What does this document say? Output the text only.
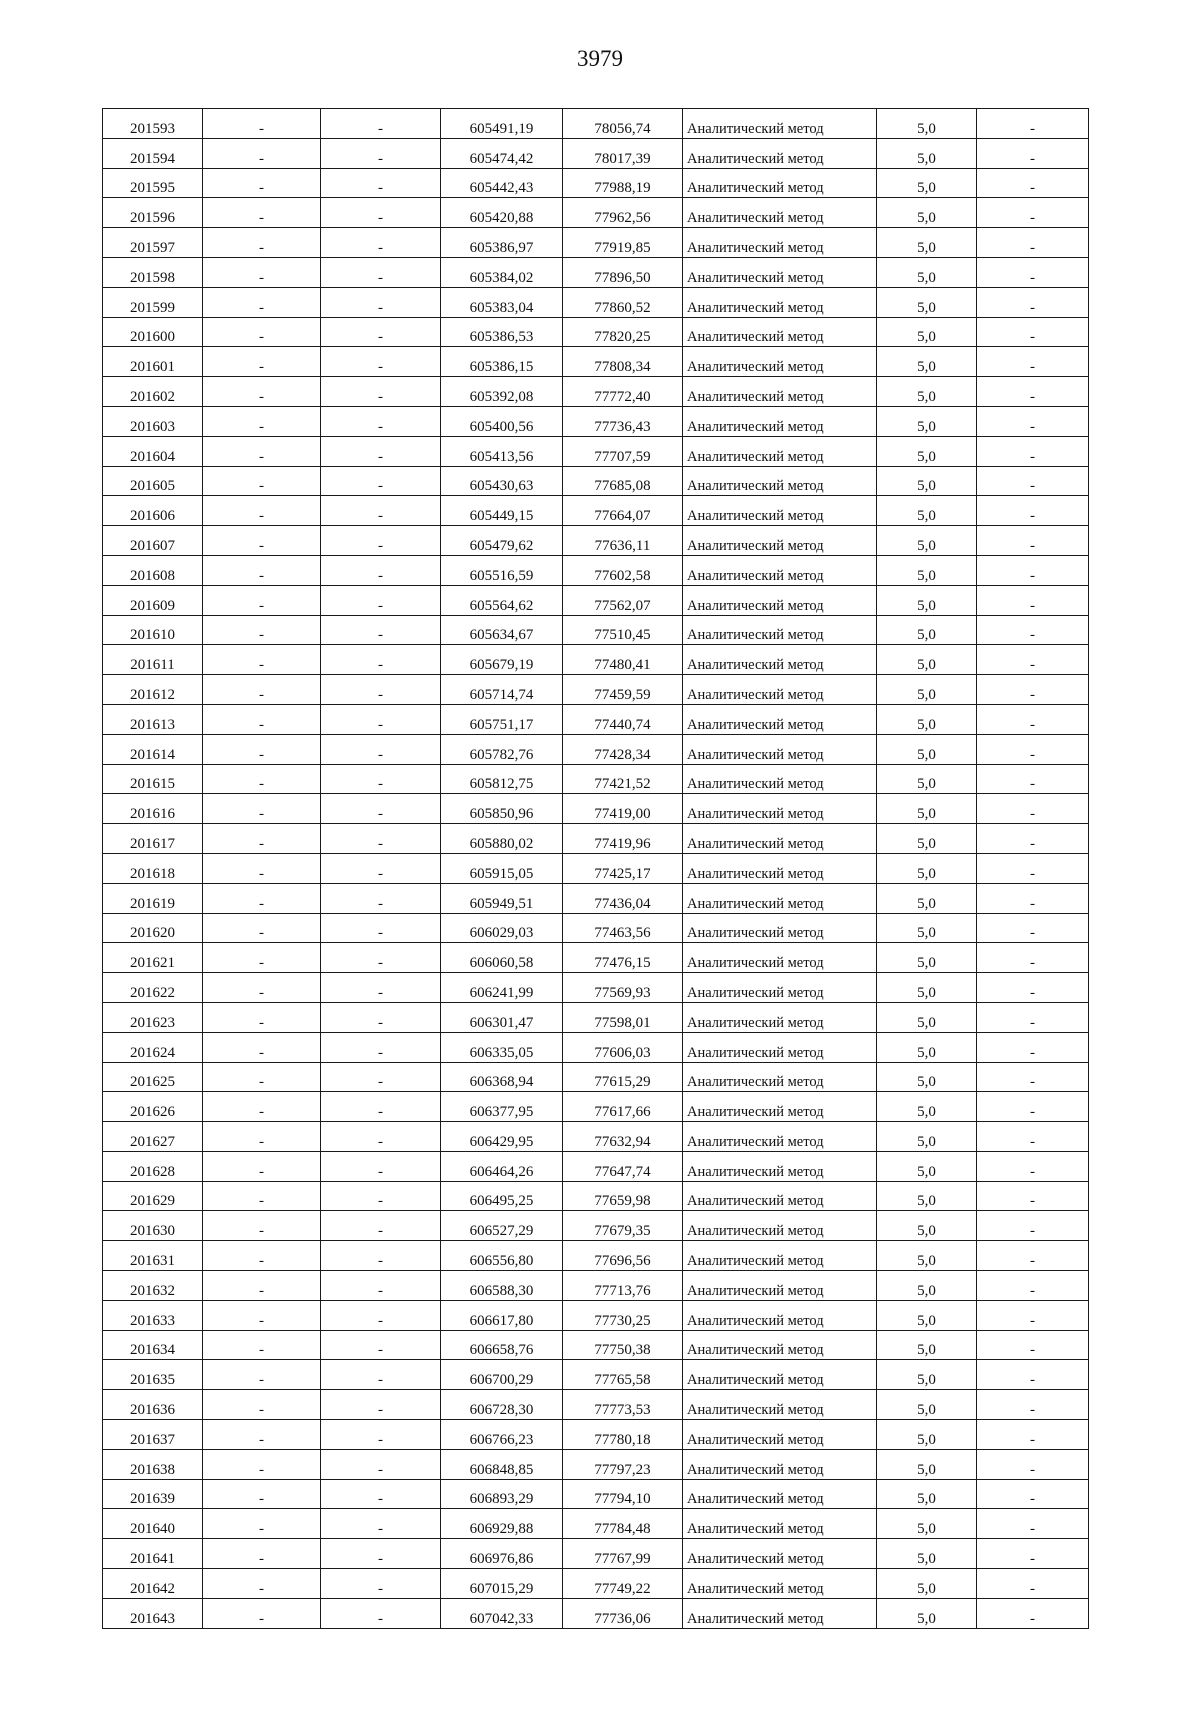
3979
201593	-	-	605491,19	78056,74	Аналитический метод	5,0	-
201594	-	-	605474,42	78017,39	Аналитический метод	5,0	-
201595	-	-	605442,43	77988,19	Аналитический метод	5,0	-
201596	-	-	605420,88	77962,56	Аналитический метод	5,0	-
201597	-	-	605386,97	77919,85	Аналитический метод	5,0	-
201598	-	-	605384,02	77896,50	Аналитический метод	5,0	-
201599	-	-	605383,04	77860,52	Аналитический метод	5,0	-
201600	-	-	605386,53	77820,25	Аналитический метод	5,0	-
201601	-	-	605386,15	77808,34	Аналитический метод	5,0	-
201602	-	-	605392,08	77772,40	Аналитический метод	5,0	-
201603	-	-	605400,56	77736,43	Аналитический метод	5,0	-
201604	-	-	605413,56	77707,59	Аналитический метод	5,0	-
201605	-	-	605430,63	77685,08	Аналитический метод	5,0	-
201606	-	-	605449,15	77664,07	Аналитический метод	5,0	-
201607	-	-	605479,62	77636,11	Аналитический метод	5,0	-
201608	-	-	605516,59	77602,58	Аналитический метод	5,0	-
201609	-	-	605564,62	77562,07	Аналитический метод	5,0	-
201610	-	-	605634,67	77510,45	Аналитический метод	5,0	-
201611	-	-	605679,19	77480,41	Аналитический метод	5,0	-
201612	-	-	605714,74	77459,59	Аналитический метод	5,0	-
201613	-	-	605751,17	77440,74	Аналитический метод	5,0	-
201614	-	-	605782,76	77428,34	Аналитический метод	5,0	-
201615	-	-	605812,75	77421,52	Аналитический метод	5,0	-
201616	-	-	605850,96	77419,00	Аналитический метод	5,0	-
201617	-	-	605880,02	77419,96	Аналитический метод	5,0	-
201618	-	-	605915,05	77425,17	Аналитический метод	5,0	-
201619	-	-	605949,51	77436,04	Аналитический метод	5,0	-
201620	-	-	606029,03	77463,56	Аналитический метод	5,0	-
201621	-	-	606060,58	77476,15	Аналитический метод	5,0	-
201622	-	-	606241,99	77569,93	Аналитический метод	5,0	-
201623	-	-	606301,47	77598,01	Аналитический метод	5,0	-
201624	-	-	606335,05	77606,03	Аналитический метод	5,0	-
201625	-	-	606368,94	77615,29	Аналитический метод	5,0	-
201626	-	-	606377,95	77617,66	Аналитический метод	5,0	-
201627	-	-	606429,95	77632,94	Аналитический метод	5,0	-
201628	-	-	606464,26	77647,74	Аналитический метод	5,0	-
201629	-	-	606495,25	77659,98	Аналитический метод	5,0	-
201630	-	-	606527,29	77679,35	Аналитический метод	5,0	-
201631	-	-	606556,80	77696,56	Аналитический метод	5,0	-
201632	-	-	606588,30	77713,76	Аналитический метод	5,0	-
201633	-	-	606617,80	77730,25	Аналитический метод	5,0	-
201634	-	-	606658,76	77750,38	Аналитический метод	5,0	-
201635	-	-	606700,29	77765,58	Аналитический метод	5,0	-
201636	-	-	606728,30	77773,53	Аналитический метод	5,0	-
201637	-	-	606766,23	77780,18	Аналитический метод	5,0	-
201638	-	-	606848,85	77797,23	Аналитический метод	5,0	-
201639	-	-	606893,29	77794,10	Аналитический метод	5,0	-
201640	-	-	606929,88	77784,48	Аналитический метод	5,0	-
201641	-	-	606976,86	77767,99	Аналитический метод	5,0	-
201642	-	-	607015,29	77749,22	Аналитический метод	5,0	-
201643	-	-	607042,33	77736,06	Аналитический метод	5,0	-
